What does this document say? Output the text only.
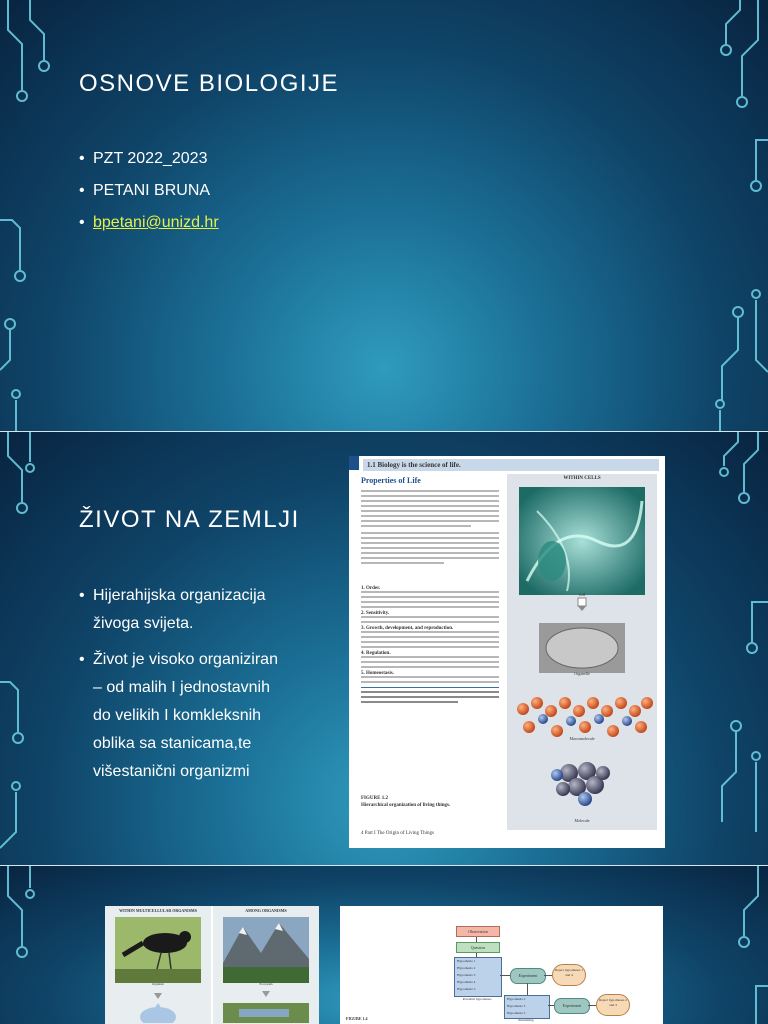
OSNOVE BIOLOGIJE
• PZT 2022_2023
• PETANI BRUNA
• bpetani@unizd.hr
ŽIVOT NA ZEMLJI
• Hijerahijska organizacija živoga svijeta.
• Život je visoko organiziran – od malih I jednostavnih do velikih I komkleksnih oblika sa stanicama,te višestanični organizmi
1.1 Biology is the science of life.
Properties of Life
1. Order.
2. Sensitivity.
3. Growth, development, and reproduction.
4. Regulation.
5. Homeostasis.
FIGURE 1.2
Hierarchical organization of living things.
4 Part I The Origin of Living Things
WITHIN CELLS
Cell
Organelle
Macromolecule
Molecule
WITHIN MULTICELLULAR ORGANISMS
Organism
AMONG ORGANISMS
Ecosystem
Observation
Question
Hypothesis 1
Hypothesis 2
Hypothesis 3
Hypothesis 4
Hypothesis 5
Potential hypotheses
Experiment
Reject hypotheses 1 and 4
Hypothesis 2
Hypothesis 3
Hypothesis 5
Remaining
Experiment
Reject hypotheses 2 and 3
FIGURE 1.4
